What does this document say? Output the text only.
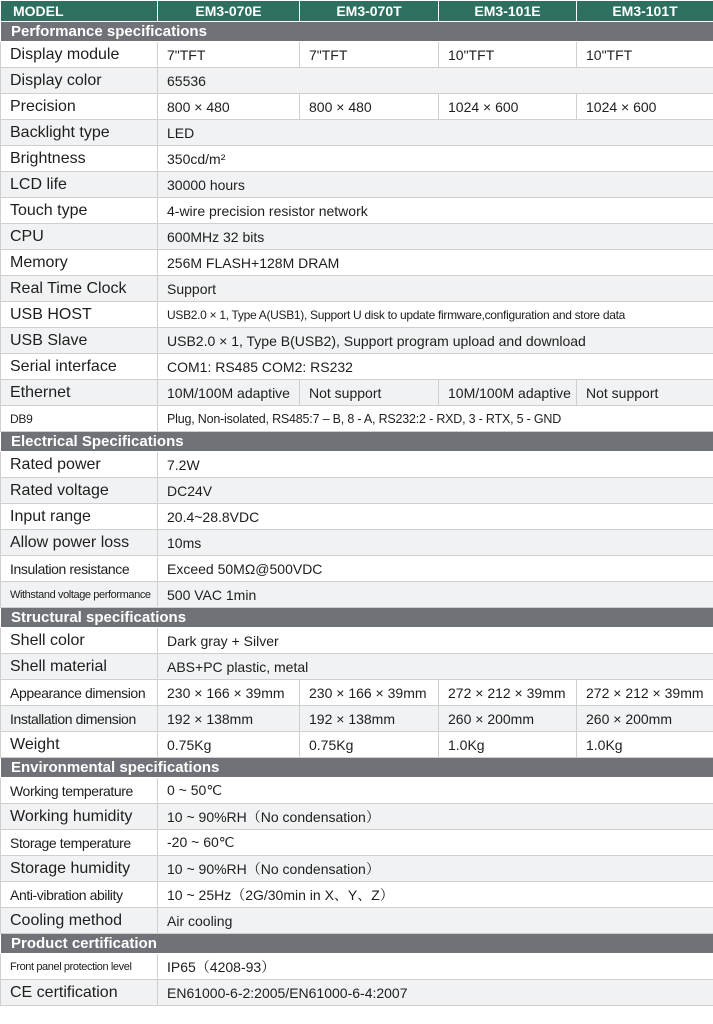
MODEL	EM3-070E	EM3-070T	EM3-101E	EM3-101T
Performance specifications				
Display module	7"TFT	7"TFT	10"TFT	10"TFT
Display color	65536			
Precision	800 × 480	800 × 480	1024 × 600	1024 × 600
Backlight type	LED			
Brightness	350cd/m²			
LCD life	30000 hours			
Touch type	4-wire precision resistor network			
CPU	600MHz 32 bits			
Memory	256M FLASH+128M DRAM			
Real Time Clock	Support			
USB HOST	USB2.0 × 1, Type A(USB1), Support U disk to update firmware,configuration and store data			
USB Slave	USB2.0 × 1, Type B(USB2), Support program upload and download			
Serial interface	COM1: RS485 COM2: RS232			
Ethernet	10M/100M adaptive	Not support	10M/100M adaptive	Not support
DB9	Plug, Non-isolated, RS485:7 – B, 8 - A, RS232:2 - RXD, 3 - RTX, 5 - GND			
Electrical Specifications				
Rated power	7.2W			
Rated voltage	DC24V			
Input range	20.4~28.8VDC			
Allow power loss	10ms			
Insulation resistance	Exceed 50MΩ@500VDC			
Withstand voltage performance	500 VAC 1min			
Structural specifications				
Shell color	Dark gray + Silver			
Shell material	ABS+PC plastic, metal			
Appearance dimension	230 × 166 × 39mm	230 × 166 × 39mm	272 × 212 × 39mm	272 × 212 × 39mm
Installation dimension	192 × 138mm	192 × 138mm	260 × 200mm	260 × 200mm
Weight	0.75Kg	0.75Kg	1.0Kg	1.0Kg
Environmental specifications				
Working temperature	0 ~ 50℃			
Working humidity	10 ~ 90%RH（No condensation）			
Storage temperature	-20 ~ 60℃			
Storage humidity	10 ~ 90%RH（No condensation）			
Anti-vibration ability	10 ~ 25Hz（2G/30min in X、Y、Z）			
Cooling method	Air cooling			
Product certification				
Front panel protection level	IP65（4208-93）			
CE certification	EN61000-6-2:2005/EN61000-6-4:2007			
